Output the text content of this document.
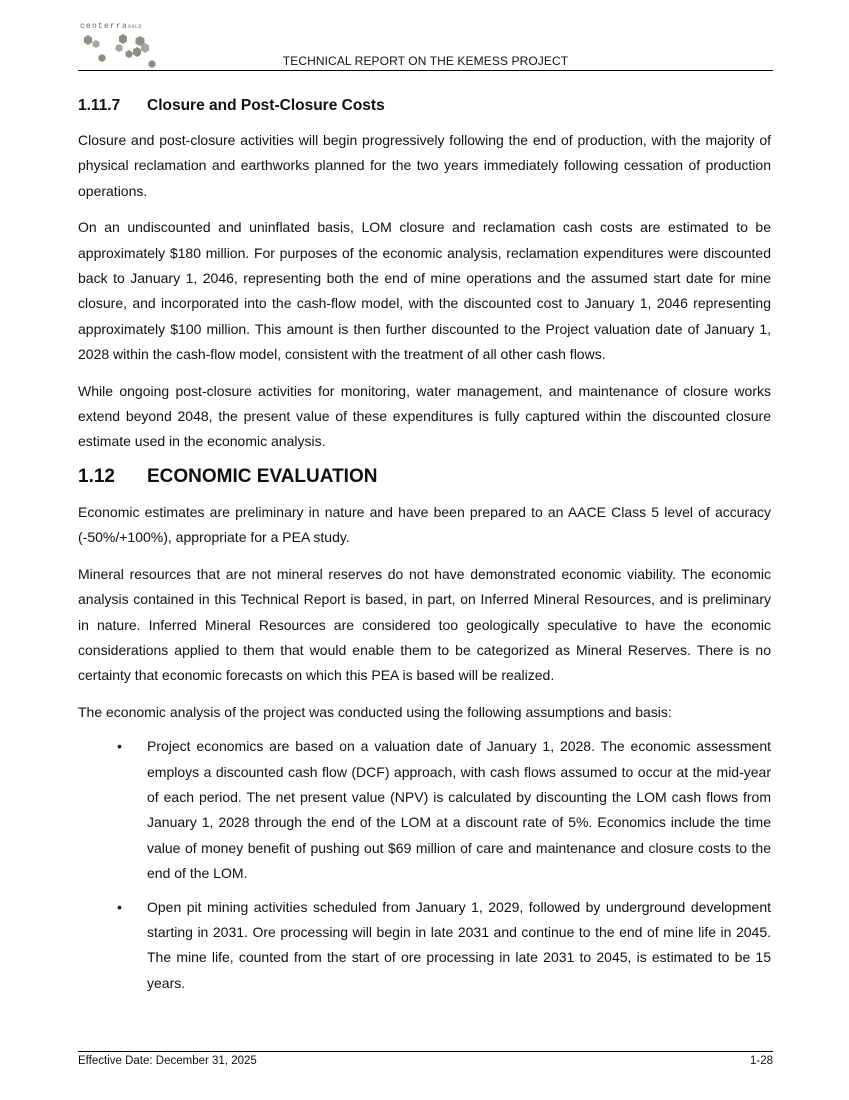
centerraGOLD
TECHNICAL REPORT ON THE KEMESS PROJECT
1.11.7 Closure and Post-Closure Costs

Closure and post-closure activities will begin progressively following the end of production, with the majority of physical reclamation and earthworks planned for the two years immediately following cessation of production operations.

On an undiscounted and uninflated basis, LOM closure and reclamation cash costs are estimated to be approximately $180 million. For purposes of the economic analysis, reclamation expenditures were discounted back to January 1, 2046, representing both the end of mine operations and the assumed start date for mine closure, and incorporated into the cash-flow model, with the discounted cost to January 1, 2046 representing approximately $100 million. This amount is then further discounted to the Project valuation date of January 1, 2028 within the cash-flow model, consistent with the treatment of all other cash flows.

While ongoing post-closure activities for monitoring, water management, and maintenance of closure works extend beyond 2048, the present value of these expenditures is fully captured within the discounted closure estimate used in the economic analysis.

1.12 ECONOMIC EVALUATION

Economic estimates are preliminary in nature and have been prepared to an AACE Class 5 level of accuracy (-50%/+100%), appropriate for a PEA study.

Mineral resources that are not mineral reserves do not have demonstrated economic viability. The economic analysis contained in this Technical Report is based, in part, on Inferred Mineral Resources, and is preliminary in nature. Inferred Mineral Resources are considered too geologically speculative to have the economic considerations applied to them that would enable them to be categorized as Mineral Reserves. There is no certainty that economic forecasts on which this PEA is based will be realized.

The economic analysis of the project was conducted using the following assumptions and basis:

• Project economics are based on a valuation date of January 1, 2028. The economic assessment employs a discounted cash flow (DCF) approach, with cash flows assumed to occur at the mid-year of each period. The net present value (NPV) is calculated by discounting the LOM cash flows from January 1, 2028 through the end of the LOM at a discount rate of 5%. Economics include the time value of money benefit of pushing out $69 million of care and maintenance and closure costs to the end of the LOM.
• Open pit mining activities scheduled from January 1, 2029, followed by underground development starting in 2031. Ore processing will begin in late 2031 and continue to the end of mine life in 2045. The mine life, counted from the start of ore processing in late 2031 to 2045, is estimated to be 15 years.
Effective Date: December 31, 2025	1-28
